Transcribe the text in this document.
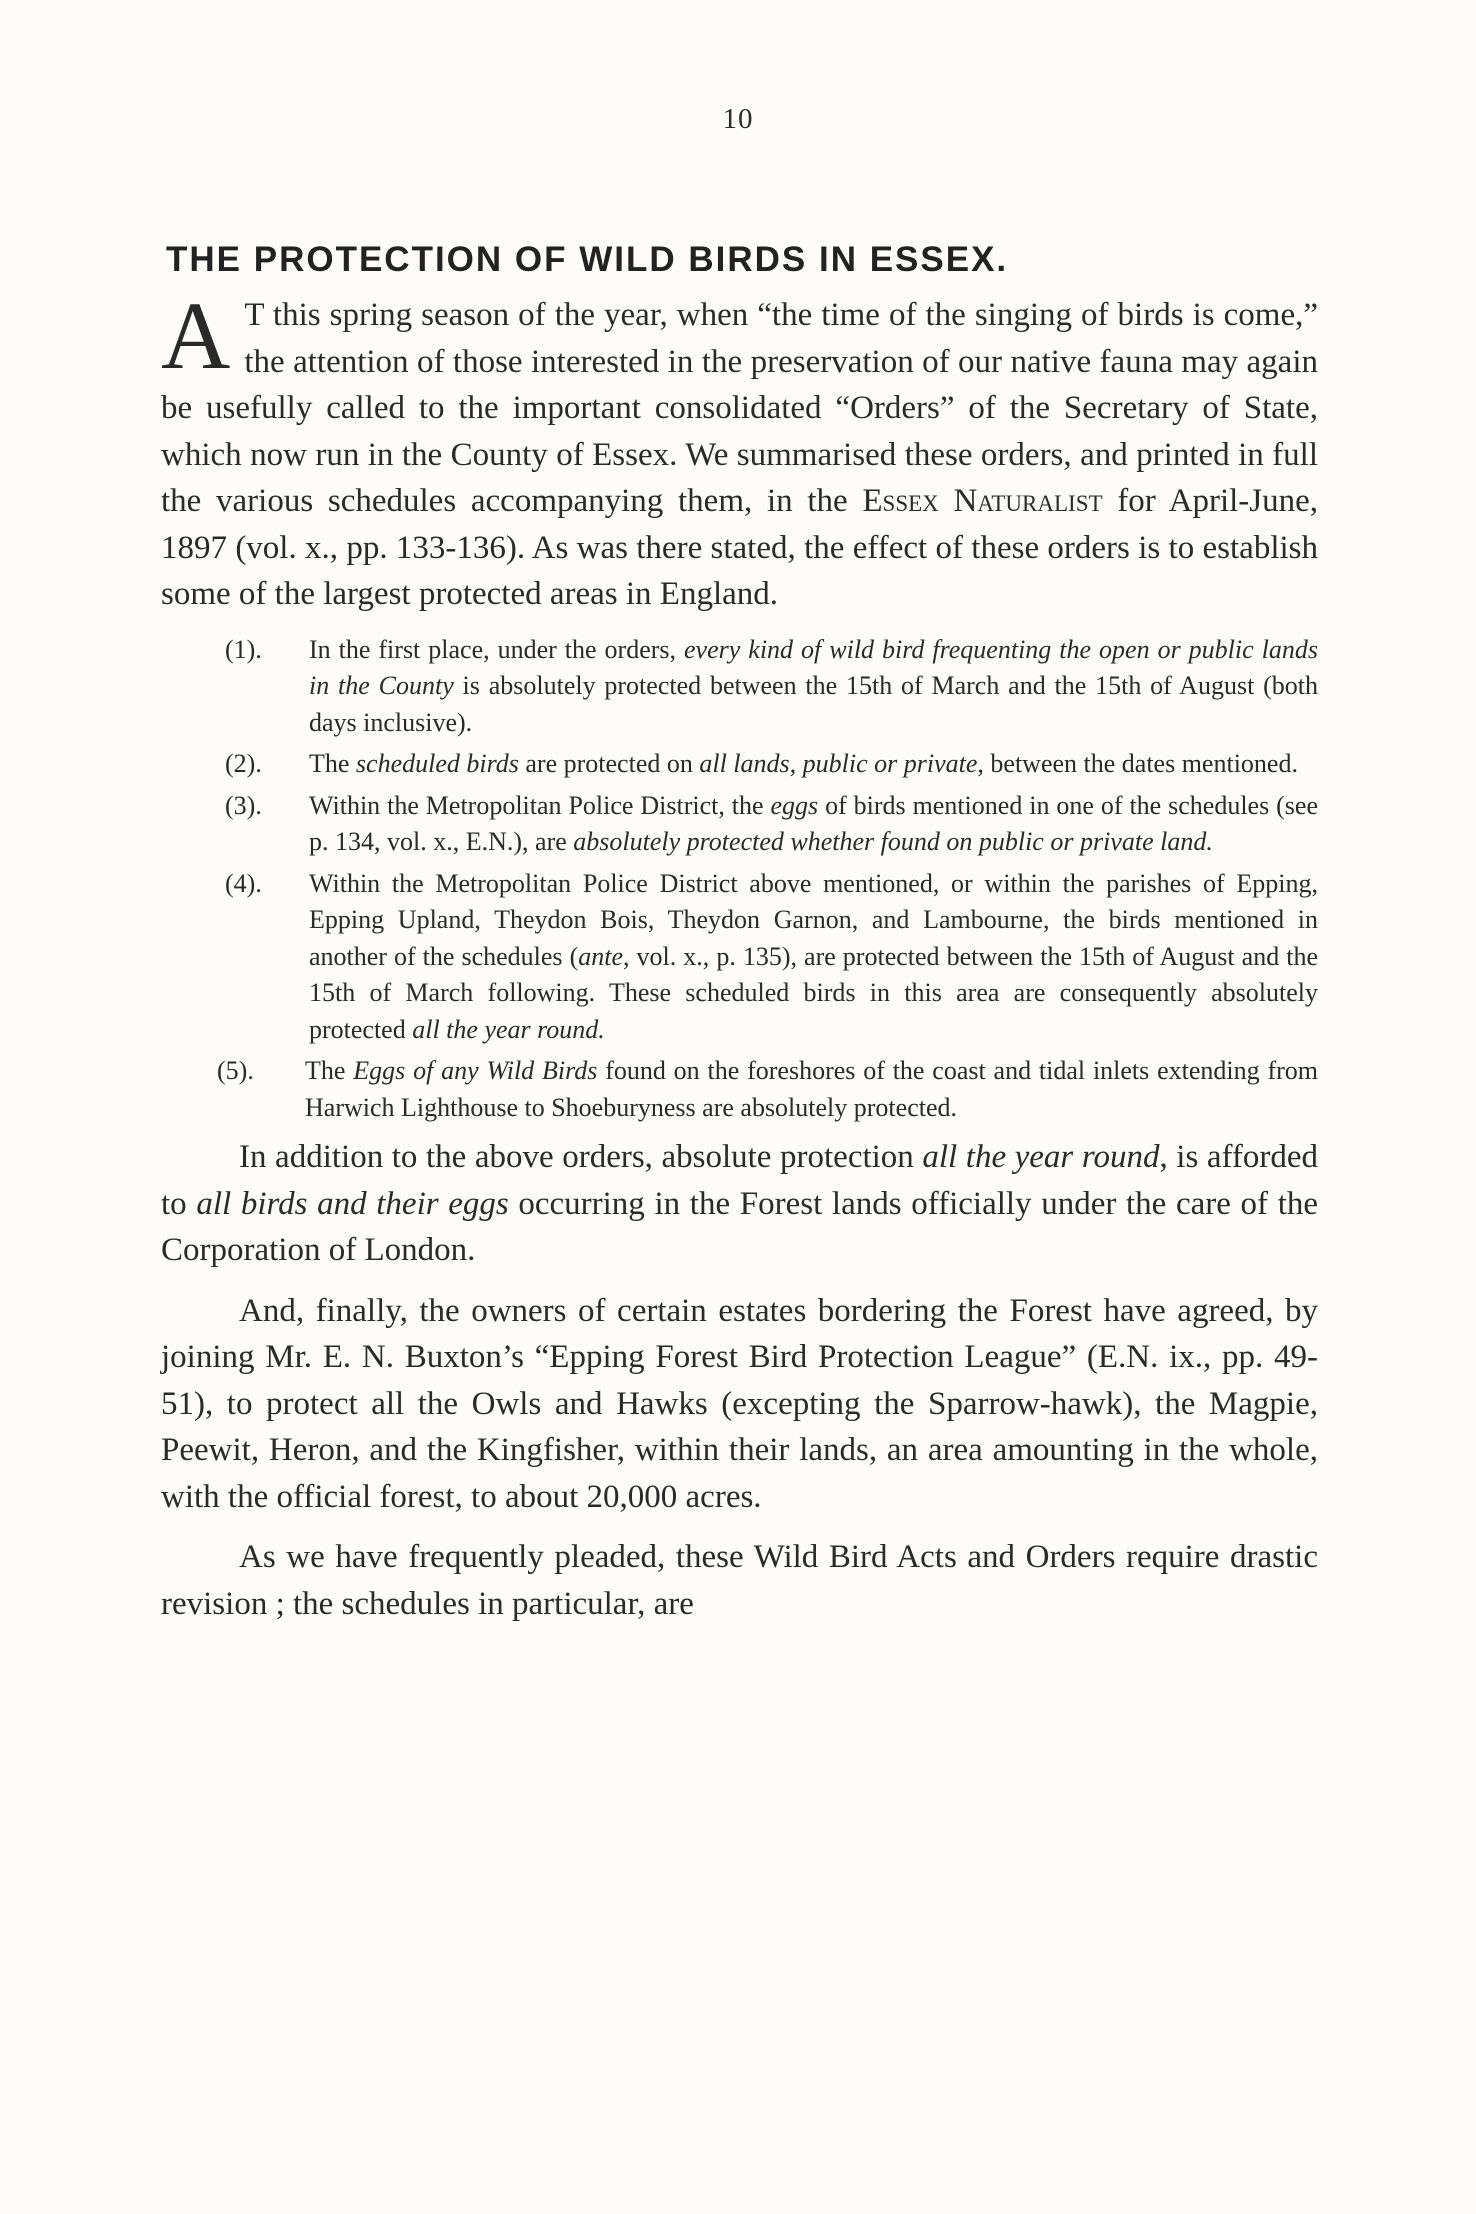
10
THE PROTECTION OF WILD BIRDS IN ESSEX.

A T this spring season of the year, when “the time of the singing of birds is come,” the attention of those interested in the preservation of our native fauna may again be usefully called to the important consolidated “Orders” of the Secretary of State, which now run in the County of Essex. We summarised these orders, and printed in full the various schedules accompanying them, in the Essex Naturalist for April-June, 1897 (vol. x., pp. 133-136). As was there stated, the effect of these orders is to establish some of the largest protected areas in England.

(1).	In the first place, under the orders, every kind of wild bird frequenting the open or public lands in the County is absolutely protected between the 15th of March and the 15th of August (both days inclusive).
(2).	The scheduled birds are protected on all lands, public or private, between the dates mentioned.
(3).	Within the Metropolitan Police District, the eggs of birds mentioned in one of the schedules (see p. 134, vol. x., E.N.), are absolutely protected whether found on public or private land.
(4).	Within the Metropolitan Police District above mentioned, or within the parishes of Epping, Epping Upland, Theydon Bois, Theydon Garnon, and Lambourne, the birds mentioned in another of the schedules (ante, vol. x., p. 135), are protected between the 15th of August and the 15th of March following. These scheduled birds in this area are consequently absolutely protected all the year round.
(5).	The Eggs of any Wild Birds found on the foreshores of the coast and tidal inlets extending from Harwich Lighthouse to Shoeburyness are absolutely protected.

In addition to the above orders, absolute protection all the year round, is afforded to all birds and their eggs occurring in the Forest lands officially under the care of the Corporation of London.

And, finally, the owners of certain estates bordering the Forest have agreed, by joining Mr. E. N. Buxton’s “Epping Forest Bird Protection League” (E.N. ix., pp. 49-51), to protect all the Owls and Hawks (excepting the Sparrow-hawk), the Magpie, Peewit, Heron, and the Kingfisher, within their lands, an area amounting in the whole, with the official forest, to about 20,000 acres.

As we have frequently pleaded, these Wild Bird Acts and Orders require drastic revision ; the schedules in particular, are
